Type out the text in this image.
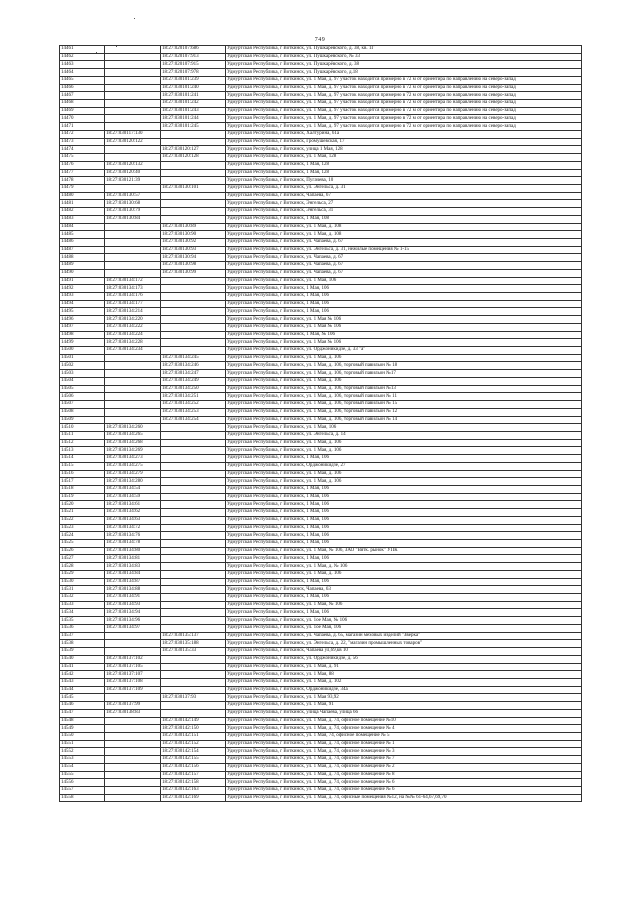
749
14461		18:27:020107:686	Удмуртская Республика, г Воткинск, ул. Пушкарёвского, д. 38, кв. 1Г
14462		18:27:020107:913	Удмуртская Республика, г Воткинск, ул. Пушкарёвского, № 33
14463		18:27:020107:915	Удмуртская Республика, г Воткинск, ул. Пушкарёвского, д. 38
14464		18:27:020107:978	Удмуртская Республика, г Воткинск, ул. Пушкарёвского, д.18
14465		18:27:030101:239	Удмуртская Республика, г Воткинск, ул. 1 Мая, д. 97 участок находится примерно в 72 м от ориентира по направлению на северо-запад
14466		18:27:030101:240	Удмуртская Республика, г Воткинск, ул. 1 Мая, д. 97 участок находится примерно в 72 м от ориентира по направлению на северо-запад
14467		18:27:030101:241	Удмуртская Республика, г Воткинск, ул. 1 Мая, д. 97 участок находится примерно в 72 м от ориентира по направлению на северо-запад
14468		18:27:030101:242	Удмуртская Республика, г Воткинск, ул. 1 Мая, д. 97 участок находится примерно в 72 м от ориентира по направлению на северо-запад
14469		18:27:030101:243	Удмуртская Республика, г Воткинск, ул. 1 Мая, д. 97 участок находится примерно в 72 м от ориентира по направлению на северо-запад
14470		18:27:030101:244	Удмуртская Республика, г Воткинск, ул. 1 Мая, д. 97 участок находится примерно в 72 м от ориентира по направлению на северо-запад
14471		18:27:030101:245	Удмуртская Республика, г Воткинск, ул. 1 Мая, д. 97 участок находится примерно в 72 м от ориентира по направлению на северо-запад
14472	18:27:030117:130		Удмуртская Республика, г Воткинск, Халтурина, 61а
14473	18:27:030120:122		Удмуртская Республика, г Воткинск, Громушевская, 17
14474		18:27:030120:127	Удмуртская Республика, г Воткинск, улица 1 Мая, 128
14475		18:27:030120:128	Удмуртская Республика, г Воткинск, ул. 1 Мая, 128
14476	18:27:030120:132		Удмуртская Республика, г Воткинск, 1 Мая, 128
14477	18:27:030120:40		Удмуртская Республика, г Воткинск, 1 Мая, 128
14478	18:27:030121:39		Удмуртская Республика, г Воткинск, Пугачева, 10
14479		18:27:030130:101	Удмуртская Республика, г Воткинск, ул. Энгельса, д. 31
14480	18:27:030130:57		Удмуртская Республика, г Воткинск, Чапаева, 67
14481	18:27:030130:68		Удмуртская Республика, г Воткинск, Энгельса, 27
14482	18:27:030130:79		Удмуртская Республика, г Воткинск, Энгельса, 31
14483	18:27:030130:84		Удмуртская Республика, г Воткинск, 1 Мая, 108
14484		18:27:030130:89	Удмуртская Республика, г Воткинск, ул. 1 Мая, д. 108
14485		18:27:030130:90	Удмуртская Республика, г Воткинск, ул. 1 Мая, д. 108
14486		18:27:030130:92	Удмуртская Республика, г Воткинск, ул. Чапаева, д. 67
14487		18:27:030130:93	Удмуртская Республика, г Воткинск, ул. Энгельса, д. 31, нежилые помещения № 1-15
14488		18:27:030130:94	Удмуртская Республика, г Воткинск, ул. Чапаева, д. 67
14489		18:27:030130:98	Удмуртская Республика, г Воткинск, ул. Чапаева, д. 67
14490		18:27:030130:99	Удмуртская Республика, г Воткинск, ул. Чапаева, д. 67
14491	18:27:030134:172		Удмуртская Республика, г Воткинск, ул. 1 Мая, 106
14492	18:27:030134:173		Удмуртская Республика, г Воткинск, 1 Мая, 106
14493	18:27:030134:176		Удмуртская Республика, г Воткинск, 1 Мая, 106
14494	18:27:030134:177		Удмуртская Республика, г Воткинск, 1 Мая, 106
14495	18:27:030134:214		Удмуртская Республика, г Воткинск, 1 Мая, 106
14496	18:27:030134:220		Удмуртская Республика, г Воткинск, ул. 1 Мая № 106
14497	18:27:030134:222		Удмуртская Республика, г Воткинск, ул. 1 Мая № 106
14498	18:27:030134:224		Удмуртская Республика, г Воткинск, 1 Мая, № 106
14499	18:27:030134:228		Удмуртская Республика, г Воткинск, ул. 1 Мая № 106
14500	18:27:030134:234		Удмуртская Республика, г Воткинск, ул. Орджоникидзе, д. 33 "а"
14501		18:27:030134:245	Удмуртская Республика, г Воткинск, ул. 1 Мая, д. 106
14502		18:27:030134:246	Удмуртская Республика, г Воткинск, ул. 1 Мая, д. 106, торговый павильон № 18
14503		18:27:030134:247	Удмуртская Республика, г Воткинск, ул. 1 Мая, д. 106, торговый павильон №17
14504		18:27:030134:249	Удмуртская Республика, г Воткинск, ул. 1 Мая, д. 106
14505		18:27:030134:250	Удмуртская Республика, г Воткинск, ул. 1 Мая, д. 106, торговый павильон №13
14506		18:27:030134:251	Удмуртская Республика, г Воткинск, ул. 1 Мая, д. 106, торговый павильон № 11
14507		18:27:030134:252	Удмуртская Республика, г Воткинск, ул. 1 Мая, д. 106, торговый павильон № 15
14508		18:27:030134:253	Удмуртская Республика, г Воткинск, ул. 1 Мая, д. 106, торговый павильон № 12
14509		18:27:030134:254	Удмуртская Республика, г Воткинск, ул. 1 Мая, д. 106, торговый павильон № 14
14510	18:27:030134:260		Удмуртская Республика, г Воткинск, ул. 1 Мая, 106
14511	18:27:030134:265		Удмуртская Республика, г Воткинск, ул. Энгельса, д. 14
14512	18:27:030134:268		Удмуртская Республика, г Воткинск, ул. 1 Мая, д. 106
14513	18:27:030134:269		Удмуртская Республика, г Воткинск, ул. 1 Мая, д. 106
14514	18:27:030134:273		Удмуртская Республика, г Воткинск, 1 Мая, 106
14515	18:27:030134:275		Удмуртская Республика, г Воткинск, Орджоникидзе, 27
14516	18:27:030134:279		Удмуртская Республика, г Воткинск, ул. 1 Мая, д. 106
14517	18:27:030134:280		Удмуртская Республика, г Воткинск, ул. 1 Мая, д. 106
14518	18:27:030134:54		Удмуртская Республика, г Воткинск, 1 Мая, 106
14519	18:27:030134:59		Удмуртская Республика, г Воткинск, 1 Мая, 106
14520	18:27:030134:61		Удмуртская Республика, г Воткинск, 1 Мая, 106
14521	18:27:030134:62		Удмуртская Республика, г Воткинск, 1 Мая, 106
14522	18:27:030134:63		Удмуртская Республика, г Воткинск, 1 Мая, 106
14523	18:27:030134:72		Удмуртская Республика, г Воткинск, 1 Мая, 106
14524	18:27:030134:76		Удмуртская Республика, г Воткинск, 1 Мая, 106
14525	18:27:030134:78		Удмуртская Республика, г Воткинск, 1 Мая, 106
14526	18:27:030134:80		Удмуртская Республика, г Воткинск, ул. 1 Мая, № 106, ЗАО "Вятк. рынок" УПК
14527	18:27:030134:81		Удмуртская Республика, г Воткинск, 1 Мая, 106
14528	18:27:030134:83		Удмуртская Республика, г Воткинск, ул. 1 Мая, д. № 106
14529	18:27:030134:84		Удмуртская Республика, г Воткинск, ул. 1 Мая, д. 106
14530	18:27:030134:87		Удмуртская Республика, г Воткинск, 1 Мая, 106
14531	18:27:030134:88		Удмуртская Республика, г Воткинск, Чапаева, 63
14532	18:27:030134:91		Удмуртская Республика, г Воткинск, 1 Мая, 106
14533	18:27:030134:93		Удмуртская Республика, г Воткинск, ул. 1 Мая, № 106
14534	18:27:030134:94		Удмуртская Республика, г Воткинск, 1 Мая, 106
14535	18:27:030134:96		Удмуртская Республика, г Воткинск, ул. 1ое Мая, № 106
14536	18:27:030134:97		Удмуртская Республика, г Воткинск, ул. 1ое Мая, 106
14537		18:27:030135:137	Удмуртская Республика, г Воткинск, ул. Чапаева, д. 65, магазин меховых изделий "Зверка"
14538		18:27:030135:188	Удмуртская Республика, г Воткинск, ул. Энгельса, д. 22, "магазин промышленных товаров"
14539		18:27:030135:33	Удмуртская Республика, г Воткинск, Чапаева ул,69,кв 10
14540	18:27:030137:102		Удмуртская Республика, г Воткинск, ул. Орджоникидзе, д. 56
14541	18:27:030137:105		Удмуртская Республика, г Воткинск, ул. 1 Мая, д. 91
14542	18:27:030137:107		Удмуртская Республика, г Воткинск, ул. 1 Мая, 88
14543	18:27:030137:108		Удмуртская Республика, г Воткинск, ул. 1 Мая, д. 102
14544	18:27:030137:109		Удмуртская Республика, г Воткинск, Орджоникидзе, 34а
14545		18:27:030137:93	Удмуртская Республика, г Воткинск, ул. 1 Мая 93,92
14546	18:27:030137:99		Удмуртская Республика, г Воткинск, ул. 1 Мая, 91
14547	18:27:030138:83		Удмуртская Республика, г Воткинск, улица Чапаева, улица 66
14548		18:27:030142:149	Удмуртская Республика, г Воткинск, ул. 1 Мая, д. 74, офисное помещение №10
14549		18:27:030142:150	Удмуртская Республика, г Воткинск, ул. 1 Мая, д. 74, офисное помещение № 4
14550		18:27:030142:151	Удмуртская Республика, г Воткинск, ул. 1 Мая, 74, офисное помещение № 5
14551		18:27:030142:152	Удмуртская Республика, г Воткинск, ул. 1 Мая, д. 74, офисное помещение № 1
14552		18:27:030142:154	Удмуртская Республика, г Воткинск, ул. 1 Мая, д. 74, офисное помещение № 3
14553		18:27:030142:155	Удмуртская Республика, г Воткинск, ул. 1 Мая, д. 74, офисное помещение № 7
14554		18:27:030142:156	Удмуртская Республика, г Воткинск, ул. 1 Мая, д. 74, офисное помещение № 2
14555		18:27:030142:157	Удмуртская Республика, г Воткинск, ул. 1 Мая, д. 74, офисное помещение № 8
14556		18:27:030142:158	Удмуртская Республика, г Воткинск, ул. 1 Мая, д. 74, офисное помещение № 6
14557		18:27:030142:163	Удмуртская Республика, г Воткинск, ул. 1 Мая, д. 74, офисное помещение № 6
14558		18:27:030142:169	Удмуртская Республика, г Воткинск, ул. 1 Мая, д. 74, офисные помещения №12, на №№ 61-64,67,69,70
